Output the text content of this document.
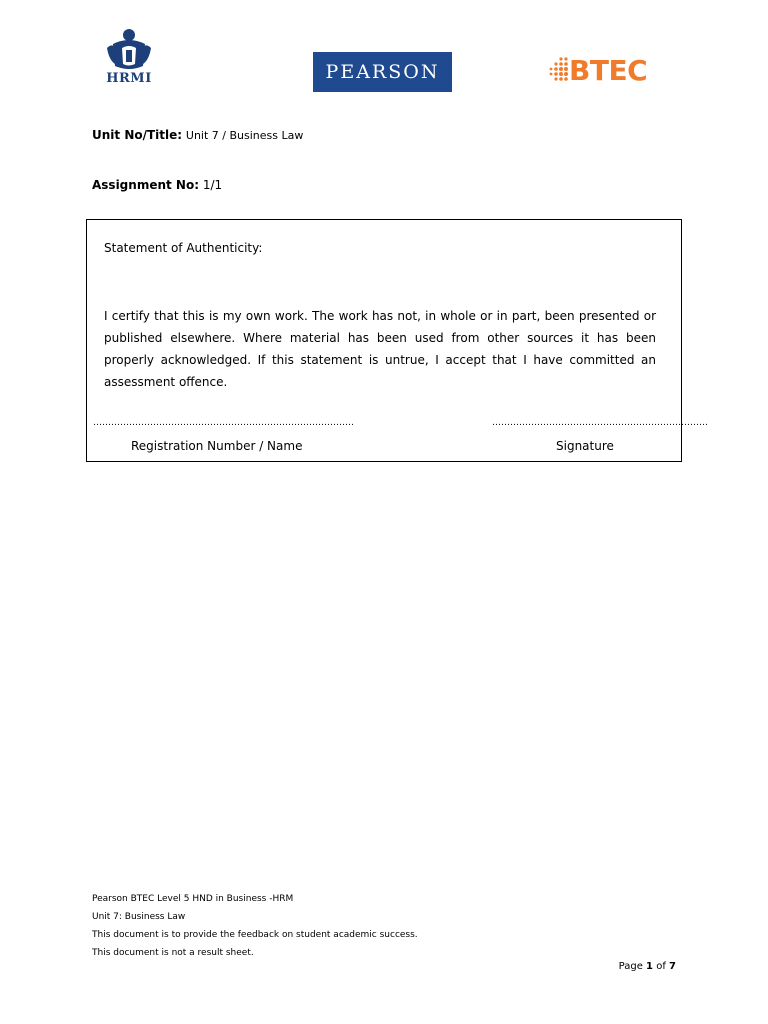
HRMI	PEARSON	BTEC
Unit No/Title: Unit 7 / Business Law
Assignment No: 1/1
Statement of Authenticity:
I certify that this is my own work. The work has not, in whole or in part, been presented or published elsewhere. Where material has been used from other sources it has been properly acknowledged. If this statement is untrue, I accept that I have committed an assessment offence.
……………………………………………………………………………	………………………………………………………………
Registration Number / Name	Signature
Pearson BTEC Level 5 HND in Business -HRM
Unit 7: Business Law
This document is to provide the feedback on student academic success.
This document is not a result sheet.
Page 1 of 7
